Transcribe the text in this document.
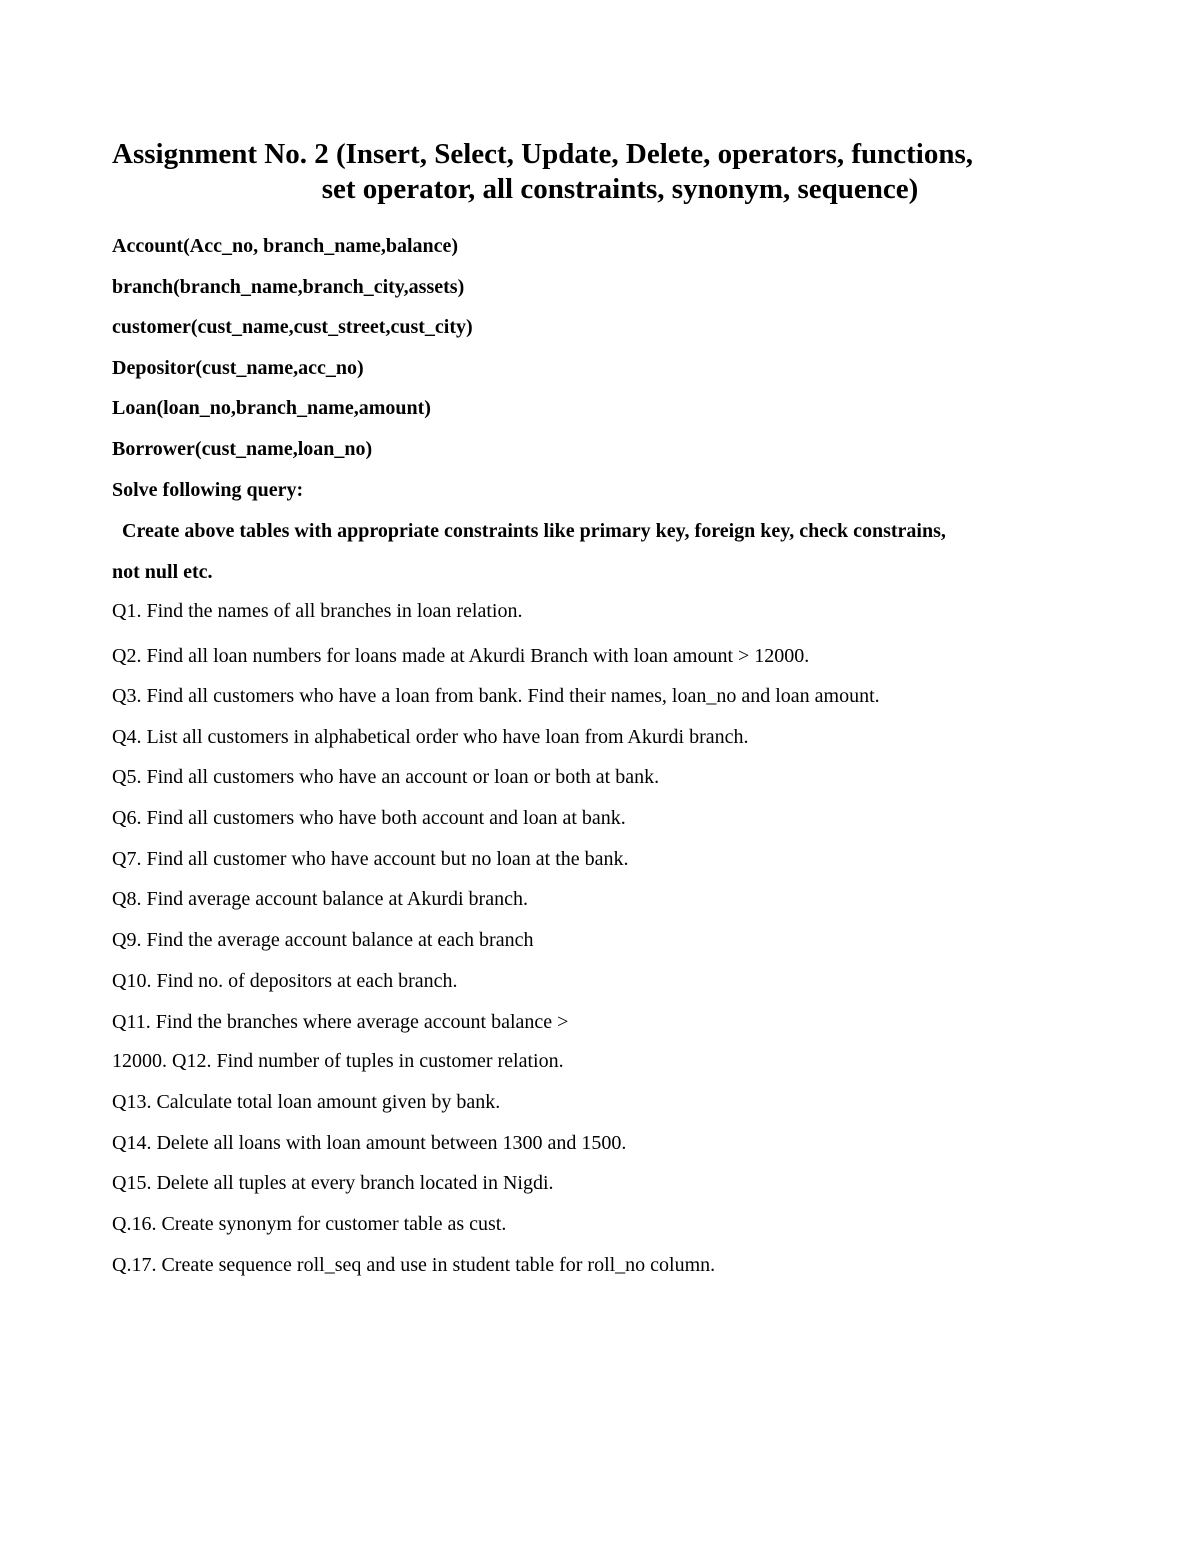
Assignment No. 2 (Insert, Select, Update, Delete, operators, functions,
set operator, all constraints, synonym, sequence)
Account(Acc_no, branch_name,balance)
branch(branch_name,branch_city,assets)
customer(cust_name,cust_street,cust_city)
Depositor(cust_name,acc_no)
Loan(loan_no,branch_name,amount)
Borrower(cust_name,loan_no)
Solve following query:
Create above tables with appropriate constraints like primary key, foreign key, check constrains,
not null etc.
Q1. Find the names of all branches in loan relation.
Q2. Find all loan numbers for loans made at Akurdi Branch with loan amount > 12000.
Q3. Find all customers who have a loan from bank. Find their names, loan_no and loan amount.
Q4. List all customers in alphabetical order who have loan from Akurdi branch.
Q5. Find all customers who have an account or loan or both at bank.
Q6. Find all customers who have both account and loan at bank.
Q7. Find all customer who have account but no loan at the bank.
Q8. Find average account balance at Akurdi branch.
Q9. Find the average account balance at each branch
Q10. Find no. of depositors at each branch.
Q11. Find the branches where average account balance >
12000. Q12. Find number of tuples in customer relation.
Q13. Calculate total loan amount given by bank.
Q14. Delete all loans with loan amount between 1300 and 1500.
Q15. Delete all tuples at every branch located in Nigdi.
Q.16. Create synonym for customer table as cust.
Q.17. Create sequence roll_seq and use in student table for roll_no column.
